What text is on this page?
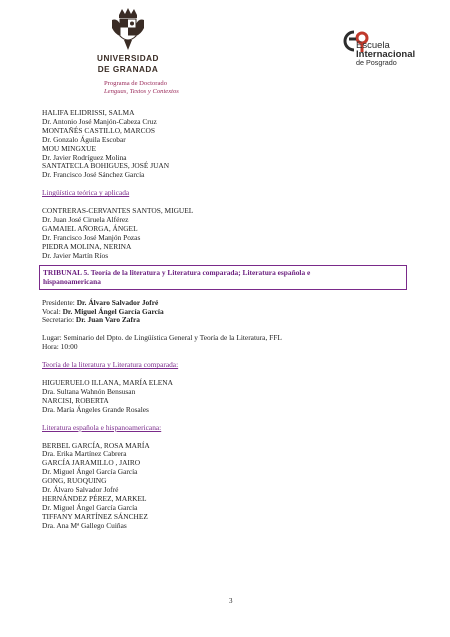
UNIVERSIDAD
DE GRANADA
Programa de Doctorado
Lenguas, Textos y Contextos
Escuela
Internacional
de Posgrado
HALIFA ELIDRISSI, SALMA
Dr. Antonio José Manjón-Cabeza Cruz
MONTAÑÉS CASTILLO, MARCOS
Dr. Gonzalo Águila Escobar
MOU MINGXUE
Dr. Javier Rodríguez Molina
SANTATECLA BOHIGUES, JOSÉ JUAN
Dr. Francisco José Sánchez García
Lingüística teórica y aplicada
CONTRERAS-CERVANTES SANTOS, MIGUEL
Dr. Juan José Ciruela Alférez
GAMAIEL AÑORGA, ÁNGEL
Dr. Francisco José Manjón Pozas
PIEDRA MOLINA, NERINA
Dr. Javier Martín Ríos
TRIBUNAL 5. Teoría de la literatura y Literatura comparada; Literatura española e
hispanoamericana
Presidente: Dr. Álvaro Salvador Jofré
Vocal: Dr. Miguel Ángel García García
Secretario: Dr. Juan Varo Zafra
Lugar: Seminario del Dpto. de Lingüística General y Teoría de la Literatura, FFL
Hora: 10:00
Teoría de la literatura y Literatura comparada:
HIGUERUELO ILLANA, MARÍA ELENA
Dra. Sultana Wahnón Bensusan
NARCISI, ROBERTA
Dra. María Ángeles Grande Rosales
Literatura española e hispanoamericana:
BERBEL GARCÍA, ROSA MARÍA
Dra. Erika Martínez Cabrera
GARCÍA JARAMILLO , JAIRO
Dr. Miguel Ángel García García
GONG, RUOQUING
Dr. Álvaro Salvador Jofré
HERNÁNDEZ PÉREZ, MARKEL
Dr. Miguel Ángel García García
TIFFANY MARTÍNEZ SÁNCHEZ
Dra. Ana Mª Gallego Cuiñas
3
